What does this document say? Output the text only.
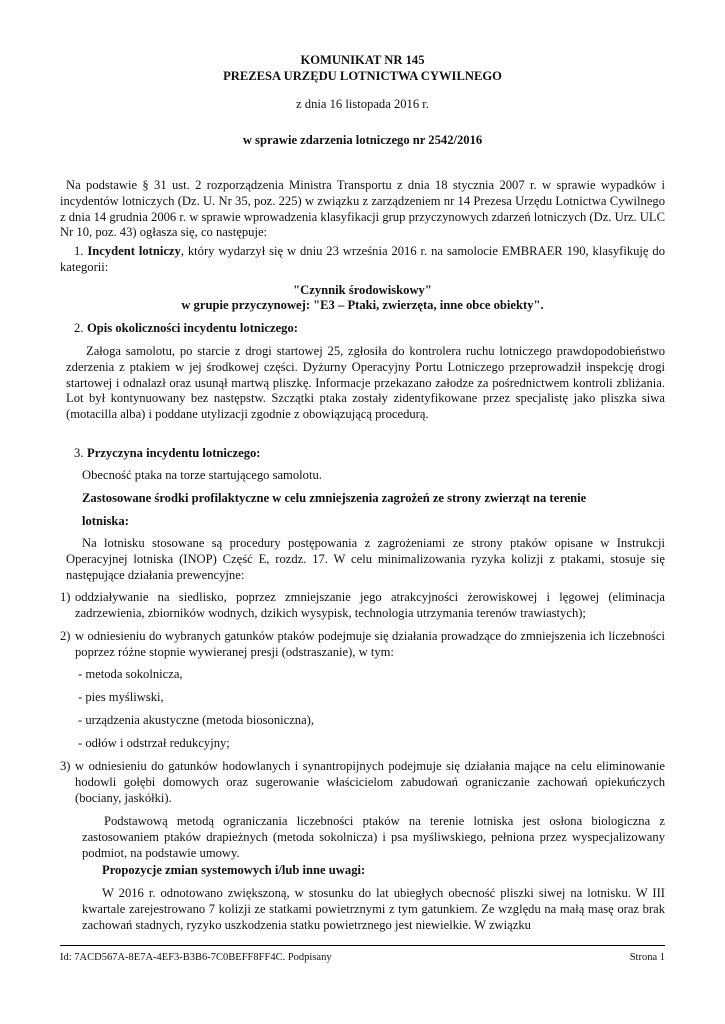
KOMUNIKAT NR 145
PREZESA URZĘDU LOTNICTWA CYWILNEGO
z dnia 16 listopada 2016 r.
w sprawie zdarzenia lotniczego nr 2542/2016
Na podstawie § 31 ust. 2 rozporządzenia Ministra Transportu z dnia 18 stycznia 2007 r. w sprawie wypadków i incydentów lotniczych (Dz. U. Nr 35, poz. 225) w związku z zarządzeniem nr 14 Prezesa Urzędu Lotnictwa Cywilnego z dnia 14 grudnia 2006 r. w sprawie wprowadzenia klasyfikacji grup przyczynowych zdarzeń lotniczych (Dz. Urz. ULC Nr 10, poz. 43) ogłasza się, co następuje:
1. Incydent lotniczy, który wydarzył się w dniu 23 września 2016 r. na samolocie EMBRAER 190, klasyfikuję do kategorii:
"Czynnik środowiskowy"
w grupie przyczynowej: "E3 – Ptaki, zwierzęta, inne obce obiekty".
2. Opis okoliczności incydentu lotniczego:
Załoga samolotu, po starcie z drogi startowej 25, zgłosiła do kontrolera ruchu lotniczego prawdopodobieństwo zderzenia z ptakiem w jej środkowej części. Dyżurny Operacyjny Portu Lotniczego przeprowadził inspekcję drogi startowej i odnalazł oraz usunął martwą pliszkę. Informacje przekazano załodze za pośrednictwem kontroli zbliżania. Lot był kontynuowany bez następstw. Szczątki ptaka zostały zidentyfikowane przez specjalistę jako pliszka siwa (motacilla alba) i poddane utylizacji zgodnie z obowiązującą procedurą.
3. Przyczyna incydentu lotniczego:
Obecność ptaka na torze startującego samolotu.
Zastosowane środki profilaktyczne w celu zmniejszenia zagrożeń ze strony zwierząt na terenie
lotniska:
Na lotnisku stosowane są procedury postępowania z zagrożeniami ze strony ptaków opisane w Instrukcji Operacyjnej lotniska (INOP) Część E, rozdz. 17. W celu minimalizowania ryzyka kolizji z ptakami, stosuje się następujące działania prewencyjne:
1) oddziaływanie na siedlisko, poprzez zmniejszanie jego atrakcyjności żerowiskowej i lęgowej (eliminacja zadrzewienia, zbiorników wodnych, dzikich wysypisk, technologia utrzymania terenów trawiastych);
2) w odniesieniu do wybranych gatunków ptaków podejmuje się działania prowadzące do zmniejszenia ich liczebności poprzez różne stopnie wywieranej presji (odstraszanie), w tym:
- metoda sokolnicza,
- pies myśliwski,
- urządzenia akustyczne (metoda biosoniczna),
- odłów i odstrzał redukcyjny;
3) w odniesieniu do gatunków hodowlanych i synantropijnych podejmuje się działania mające na celu eliminowanie hodowli gołębi domowych oraz sugerowanie właścicielom zabudowań ograniczanie zachowań opiekuńczych (bociany, jaskółki).
Podstawową metodą ograniczania liczebności ptaków na terenie lotniska jest osłona biologiczna z zastosowaniem ptaków drapieżnych (metoda sokolnicza) i psa myśliwskiego, pełniona przez wyspecjalizowany podmiot, na podstawie umowy.
Propozycje zmian systemowych i/lub inne uwagi:
W 2016 r. odnotowano zwiększoną, w stosunku do lat ubiegłych obecność pliszki siwej na lotnisku. W III kwartale zarejestrowano 7 kolizji ze statkami powietrznymi z tym gatunkiem. Ze względu na małą masę oraz brak zachowań stadnych, ryzyko uszkodzenia statku powietrznego jest niewielkie. W związku
Id: 7ACD567A-8E7A-4EF3-B3B6-7C0BEFF8FF4C. Podpisany	Strona 1
